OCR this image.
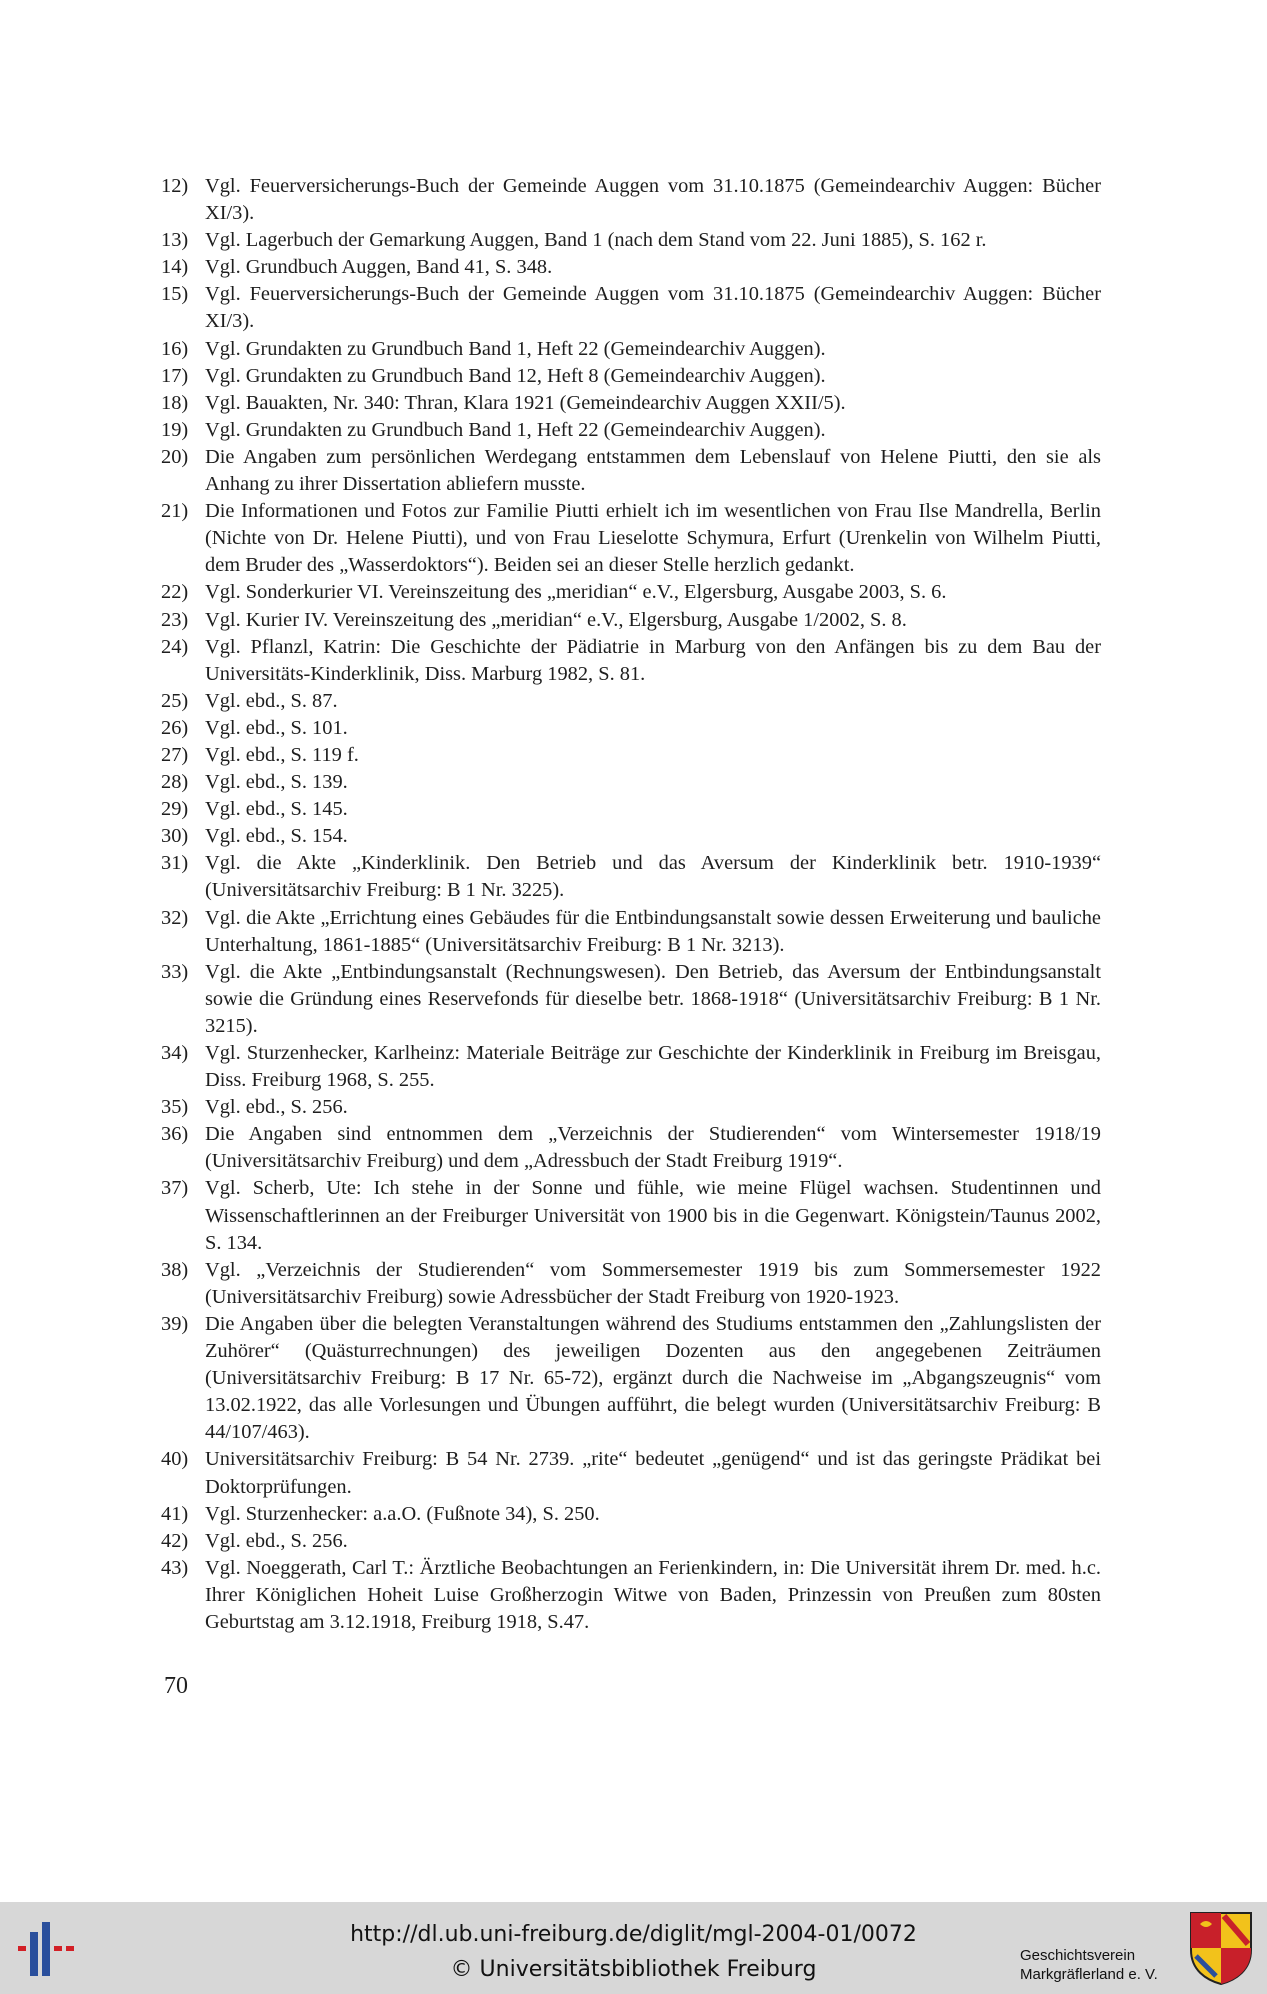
12) Vgl. Feuerversicherungs-Buch der Gemeinde Auggen vom 31.10.1875 (Gemeindearchiv Auggen: Bücher XI/3).
13) Vgl. Lagerbuch der Gemarkung Auggen, Band 1 (nach dem Stand vom 22. Juni 1885), S. 162 r.
14) Vgl. Grundbuch Auggen, Band 41, S. 348.
15) Vgl. Feuerversicherungs-Buch der Gemeinde Auggen vom 31.10.1875 (Gemeindearchiv Auggen: Bücher XI/3).
16) Vgl. Grundakten zu Grundbuch Band 1, Heft 22 (Gemeindearchiv Auggen).
17) Vgl. Grundakten zu Grundbuch Band 12, Heft 8 (Gemeindearchiv Auggen).
18) Vgl. Bauakten, Nr. 340: Thran, Klara 1921 (Gemeindearchiv Auggen XXII/5).
19) Vgl. Grundakten zu Grundbuch Band 1, Heft 22 (Gemeindearchiv Auggen).
20) Die Angaben zum persönlichen Werdegang entstammen dem Lebenslauf von Helene Piutti, den sie als Anhang zu ihrer Dissertation abliefern musste.
21) Die Informationen und Fotos zur Familie Piutti erhielt ich im wesentlichen von Frau Ilse Mandrella, Berlin (Nichte von Dr. Helene Piutti), und von Frau Lieselotte Schymura, Erfurt (Urenkelin von Wilhelm Piutti, dem Bruder des „Wasserdoktors“). Beiden sei an dieser Stelle herzlich gedankt.
22) Vgl. Sonderkurier VI. Vereinszeitung des „meridian“ e.V., Elgersburg, Ausgabe 2003, S. 6.
23) Vgl. Kurier IV. Vereinszeitung des „meridian“ e.V., Elgersburg, Ausgabe 1/2002, S. 8.
24) Vgl. Pflanzl, Katrin: Die Geschichte der Pädiatrie in Marburg von den Anfängen bis zu dem Bau der Universitäts-Kinderklinik, Diss. Marburg 1982, S. 81.
25) Vgl. ebd., S. 87.
26) Vgl. ebd., S. 101.
27) Vgl. ebd., S. 119 f.
28) Vgl. ebd., S. 139.
29) Vgl. ebd., S. 145.
30) Vgl. ebd., S. 154.
31) Vgl. die Akte „Kinderklinik. Den Betrieb und das Aversum der Kinderklinik betr. 1910-1939“ (Universitätsarchiv Freiburg: B 1 Nr. 3225).
32) Vgl. die Akte „Errichtung eines Gebäudes für die Entbindungsanstalt sowie dessen Erweiterung und bauliche Unterhaltung, 1861-1885“ (Universitätsarchiv Freiburg: B 1 Nr. 3213).
33) Vgl. die Akte „Entbindungsanstalt (Rechnungswesen). Den Betrieb, das Aversum der Entbindungsanstalt sowie die Gründung eines Reservefonds für dieselbe betr. 1868-1918“ (Universitätsarchiv Freiburg: B 1 Nr. 3215).
34) Vgl. Sturzenhecker, Karlheinz: Materiale Beiträge zur Geschichte der Kinderklinik in Freiburg im Breisgau, Diss. Freiburg 1968, S. 255.
35) Vgl. ebd., S. 256.
36) Die Angaben sind entnommen dem „Verzeichnis der Studierenden“ vom Wintersemester 1918/19 (Universitätsarchiv Freiburg) und dem „Adressbuch der Stadt Freiburg 1919“.
37) Vgl. Scherb, Ute: Ich stehe in der Sonne und fühle, wie meine Flügel wachsen. Studentinnen und Wissenschaftlerinnen an der Freiburger Universität von 1900 bis in die Gegenwart. Königstein/Taunus 2002, S. 134.
38) Vgl. „Verzeichnis der Studierenden“ vom Sommersemester 1919 bis zum Sommersemester 1922 (Universitätsarchiv Freiburg) sowie Adressbücher der Stadt Freiburg von 1920-1923.
39) Die Angaben über die belegten Veranstaltungen während des Studiums entstammen den „Zahlungslisten der Zuhörer“ (Quästurrechnungen) des jeweiligen Dozenten aus den angegebenen Zeiträumen (Universitätsarchiv Freiburg: B 17 Nr. 65-72), ergänzt durch die Nachweise im „Abgangszeugnis“ vom 13.02.1922, das alle Vorlesungen und Übungen aufführt, die belegt wurden (Universitätsarchiv Freiburg: B 44/107/463).
40) Universitätsarchiv Freiburg: B 54 Nr. 2739. „rite“ bedeutet „genügend“ und ist das geringste Prädikat bei Doktorprüfungen.
41) Vgl. Sturzenhecker: a.a.O. (Fußnote 34), S. 250.
42) Vgl. ebd., S. 256.
43) Vgl. Noeggerath, Carl T.: Ärztliche Beobachtungen an Ferienkindern, in: Die Universität ihrem Dr. med. h.c. Ihrer Königlichen Hoheit Luise Großherzogin Witwe von Baden, Prinzessin von Preußen zum 80sten Geburtstag am 3.12.1918, Freiburg 1918, S.47.
70
http://dl.ub.uni-freiburg.de/diglit/mgl-2004-01/0072
© Universitätsbibliothek Freiburg
Geschichtsverein
Markgräflerland e. V.
